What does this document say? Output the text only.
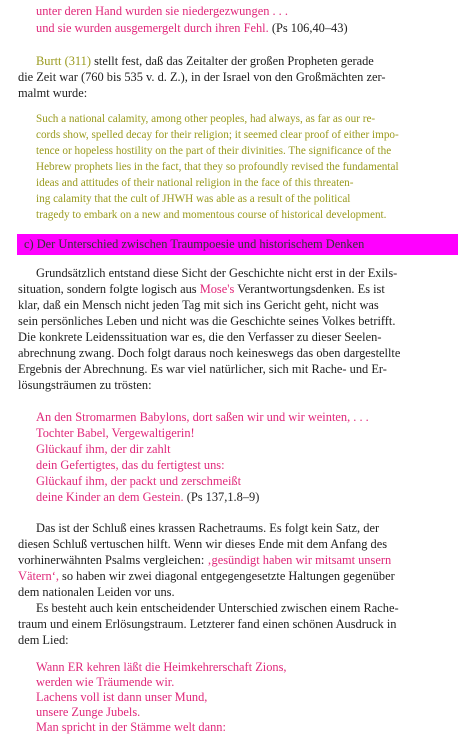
unter deren Hand wurden sie niedergezwungen . . .
und sie wurden ausgemergelt durch ihren Fehl. (Ps 106,40–43)
Burtt (311) stellt fest, daß das Zeitalter der großen Propheten gerade
die Zeit war (760 bis 535 v. d. Z.), in der Israel von den Großmächten zer-
malmt wurde:
Such a national calamity, among other peoples, had always, as far as our re-
cords show, spelled decay for their religion; it seemed clear proof of either impo-
tence or hopeless hostility on the part of their divinities. The significance of the
Hebrew prophets lies in the fact, that they so profoundly revised the fundamental
ideas and attitudes of their national religion in the face of this threaten-
ing calamity that the cult of JHWH was able as a result of the political
tragedy to embark on a new and momentous course of historical development.
c) Der Unterschied zwischen Traumpoesie und historischem Denken
Grundsätzlich entstand diese Sicht der Geschichte nicht erst in der Exils-
situation, sondern folgte logisch aus Mose's Verantwortungsdenken. Es ist
klar, daß ein Mensch nicht jeden Tag mit sich ins Gericht geht, nicht was
sein persönliches Leben und nicht was die Geschichte seines Volkes betrifft.
Die konkrete Leidenssituation war es, die den Verfasser zu dieser Seelen-
abrechnung zwang. Doch folgt daraus noch keineswegs das oben dargestellte
Ergebnis der Abrechnung. Es war viel natürlicher, sich mit Rache- und Er-
lösungsträumen zu trösten:
An den Stromarmen Babylons, dort saßen wir und wir weinten, . . .
Tochter Babel, Vergewaltigerin!
Glückauf ihm, der dir zahlt
dein Gefertigtes, das du fertigtest uns:
Glückauf ihm, der packt und zerschmeißt
deine Kinder an dem Gestein. (Ps 137,1.8–9)
Das ist der Schluß eines krassen Rachetraums. Es folgt kein Satz, der
diesen Schluß vertuschen hilft. Wenn wir dieses Ende mit dem Anfang des
vorhinerwähnten Psalms vergleichen: ‚gesündigt haben wir mitsamt unsern
Vätern‘, so haben wir zwei diagonal entgegengesetzte Haltungen gegenüber
dem nationalen Leiden vor uns.
Es besteht auch kein entscheidender Unterschied zwischen einem Rache-
traum und einem Erlösungstraum. Letzterer fand einen schönen Ausdruck in
dem Lied:
Wann ER kehren läßt die Heimkehrerschaft Zions,
werden wie Träumende wir.
Lachens voll ist dann unser Mund,
unsere Zunge Jubels.
Man spricht in der Stämme welt dann:
